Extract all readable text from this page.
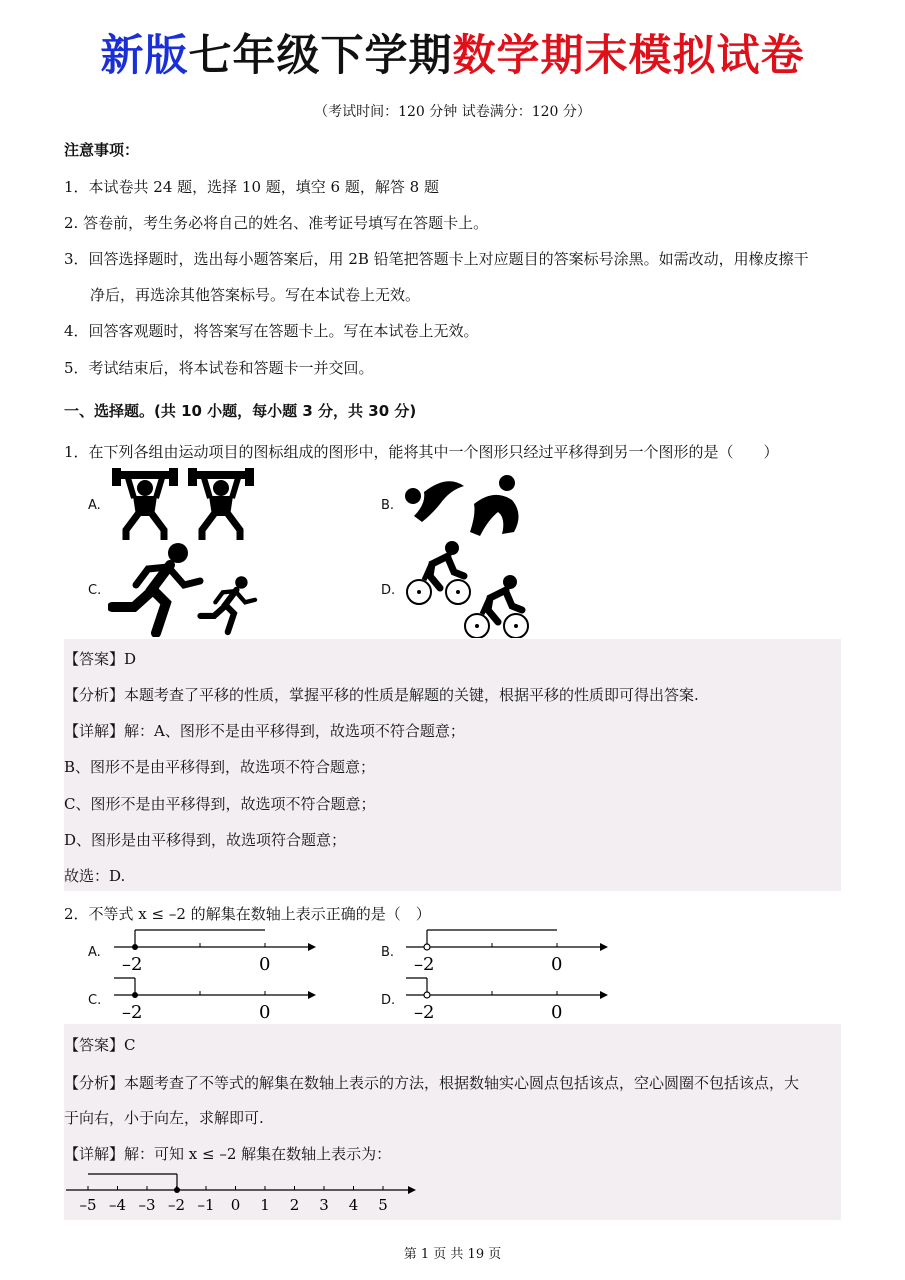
新版七年级下学期数学期末模拟试卷
（考试时间：120 分钟 试卷满分：120 分）
注意事项：
1．本试卷共 24 题，选择 10 题，填空 6 题，解答 8 题
2. 答卷前，考生务必将自己的姓名、准考证号填写在答题卡上。
3．回答选择题时，选出每小题答案后，用 2B 铅笔把答题卡上对应题目的答案标号涂黑。如需改动，用橡皮擦干
净后，再选涂其他答案标号。写在本试卷上无效。
4．回答客观题时，将答案写在答题卡上。写在本试卷上无效。
5．考试结束后，将本试卷和答题卡一并交回。
一、选择题。(共 10 小题，每小题 3 分，共 30 分)
1．在下列各组由运动项目的图标组成的图形中，能将其中一个图形只经过平移得到另一个图形的是（　　）
A.	B.
C.	D.
【答案】D
【分析】本题考查了平移的性质，掌握平移的性质是解题的关键，根据平移的性质即可得出答案.
【详解】解：A、图形不是由平移得到，故选项不符合题意；
B、图形不是由平移得到，故选项不符合题意；
C、图形不是由平移得到，故选项不符合题意；
D、图形是由平移得到，故选项符合题意；
故选：D.
2．不等式 x ≤ –2 的解集在数轴上表示正确的是（　）
A.	B.
C.	D.
–2	0	–2	0
–2	0	–2	0
【答案】C
【分析】本题考查了不等式的解集在数轴上表示的方法，根据数轴实心圆点包括该点，空心圆圈不包括该点，大
于向右，小于向左，求解即可.
【详解】解：可知 x ≤ –2 解集在数轴上表示为：
–5 –4 –3 –2 –1 0 1 2 3 4 5
第 1 页 共 19 页
